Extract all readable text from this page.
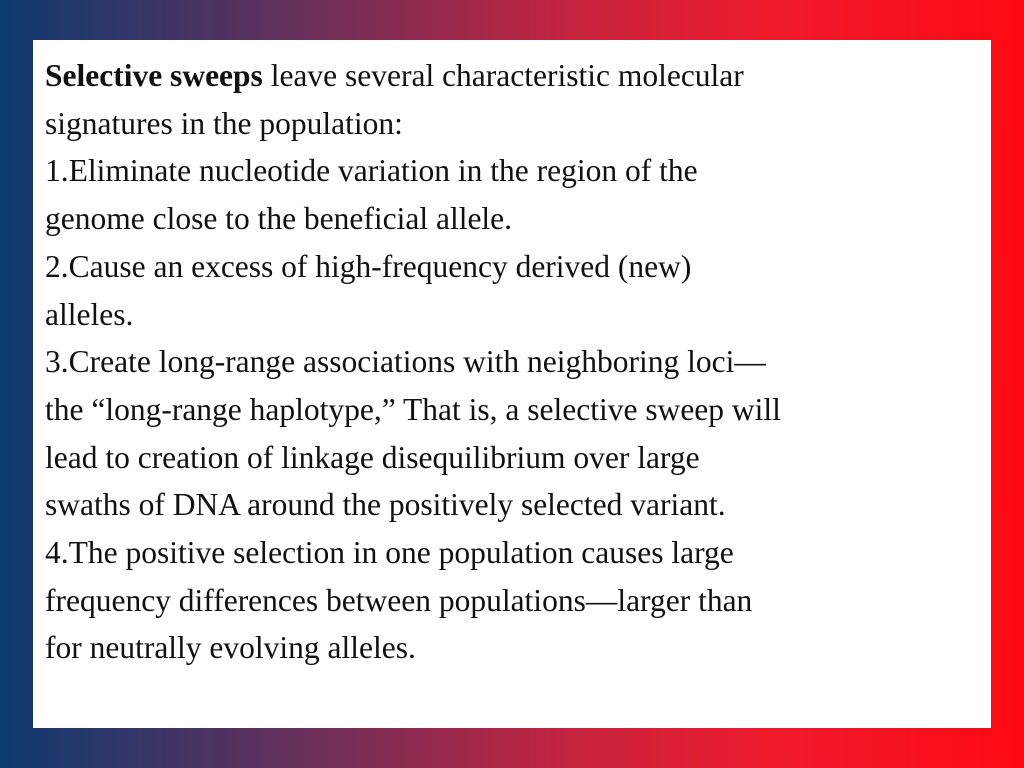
Selective sweeps leave several characteristic molecular
signatures in the population:
1.Eliminate nucleotide variation in the region of the
genome close to the beneficial allele.
2.Cause an excess of high-frequency derived (new)
alleles.
3.Create long-range associations with neighboring loci—
the “long-range haplotype,” That is, a selective sweep will
lead to creation of linkage disequilibrium over large
swaths of DNA around the positively selected variant.
4.The positive selection in one population causes large
frequency differences between populations—larger than
for neutrally evolving alleles.
